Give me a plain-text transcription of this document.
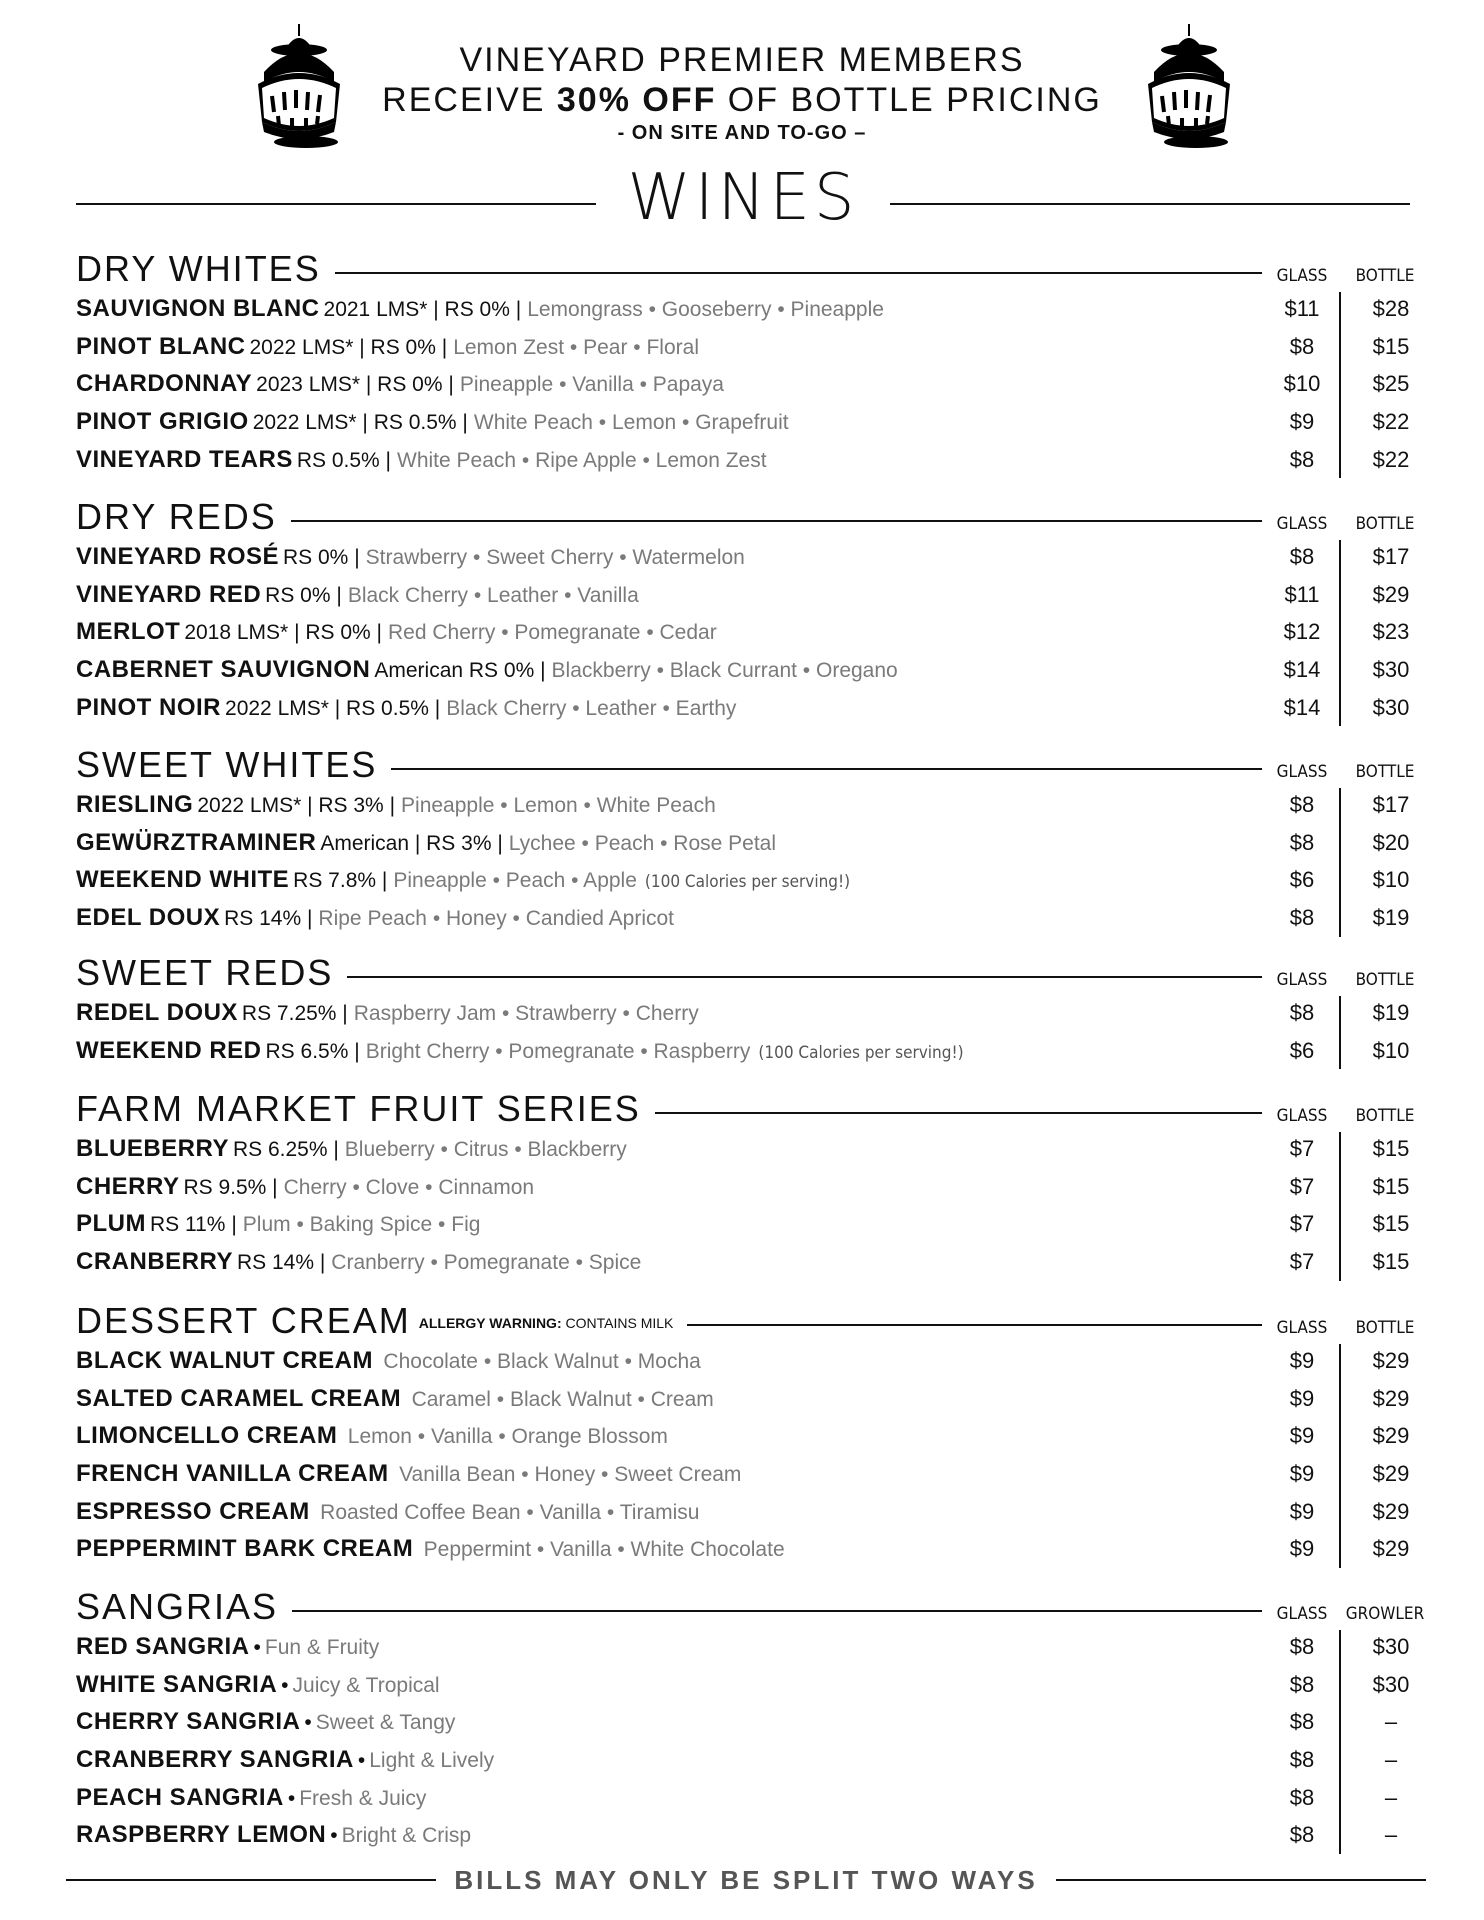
VINEYARD PREMIER MEMBERS
RECEIVE 30% OFF OF BOTTLE PRICING
- ON SITE AND TO-GO –
WINES
DRY WHITES	GLASS	BOTTLE
SAUVIGNON BLANC 2021 LMS* | RS 0% | Lemongrass • Gooseberry • Pineapple	$11	$28
PINOT BLANC 2022 LMS* | RS 0% | Lemon Zest • Pear • Floral	$8	$15
CHARDONNAY 2023 LMS* | RS 0% | Pineapple • Vanilla • Papaya	$10	$25
PINOT GRIGIO 2022 LMS* | RS 0.5% | White Peach • Lemon • Grapefruit	$9	$22
VINEYARD TEARS RS 0.5% | White Peach • Ripe Apple • Lemon Zest	$8	$22
DRY REDS	GLASS	BOTTLE
VINEYARD ROSÉ RS 0% | Strawberry • Sweet Cherry • Watermelon	$8	$17
VINEYARD RED RS 0% | Black Cherry • Leather • Vanilla	$11	$29
MERLOT 2018 LMS* | RS 0% | Red Cherry • Pomegranate • Cedar	$12	$23
CABERNET SAUVIGNON American RS 0% | Blackberry • Black Currant • Oregano	$14	$30
PINOT NOIR 2022 LMS* | RS 0.5% | Black Cherry • Leather • Earthy	$14	$30
SWEET WHITES	GLASS	BOTTLE
RIESLING 2022 LMS* | RS 3% | Pineapple • Lemon • White Peach	$8	$17
GEWÜRZTRAMINER American | RS 3% | Lychee • Peach • Rose Petal	$8	$20
WEEKEND WHITE RS 7.8% | Pineapple • Peach • Apple (100 Calories per serving!)	$6	$10
EDEL DOUX RS 14% | Ripe Peach • Honey • Candied Apricot	$8	$19
SWEET REDS	GLASS	BOTTLE
REDEL DOUX RS 7.25% | Raspberry Jam • Strawberry • Cherry	$8	$19
WEEKEND RED RS 6.5% | Bright Cherry • Pomegranate • Raspberry (100 Calories per serving!)	$6	$10
FARM MARKET FRUIT SERIES	GLASS	BOTTLE
BLUEBERRY RS 6.25% | Blueberry • Citrus • Blackberry	$7	$15
CHERRY RS 9.5% | Cherry • Clove • Cinnamon	$7	$15
PLUM RS 11% | Plum • Baking Spice • Fig	$7	$15
CRANBERRY RS 14% | Cranberry • Pomegranate • Spice	$7	$15
DESSERT CREAM ALLERGY WARNING: CONTAINS MILK	GLASS	BOTTLE
BLACK WALNUT CREAM Chocolate • Black Walnut • Mocha	$9	$29
SALTED CARAMEL CREAM Caramel • Black Walnut • Cream	$9	$29
LIMONCELLO CREAM Lemon • Vanilla • Orange Blossom	$9	$29
FRENCH VANILLA CREAM Vanilla Bean • Honey • Sweet Cream	$9	$29
ESPRESSO CREAM Roasted Coffee Bean • Vanilla • Tiramisu	$9	$29
PEPPERMINT BARK CREAM Peppermint • Vanilla • White Chocolate	$9	$29
SANGRIAS	GLASS	GROWLER
RED SANGRIA • Fun & Fruity	$8	$30
WHITE SANGRIA • Juicy & Tropical	$8	$30
CHERRY SANGRIA • Sweet & Tangy	$8	–
CRANBERRY SANGRIA • Light & Lively	$8	–
PEACH SANGRIA • Fresh & Juicy	$8	–
RASPBERRY LEMON • Bright & Crisp	$8	–
BILLS MAY ONLY BE SPLIT TWO WAYS
